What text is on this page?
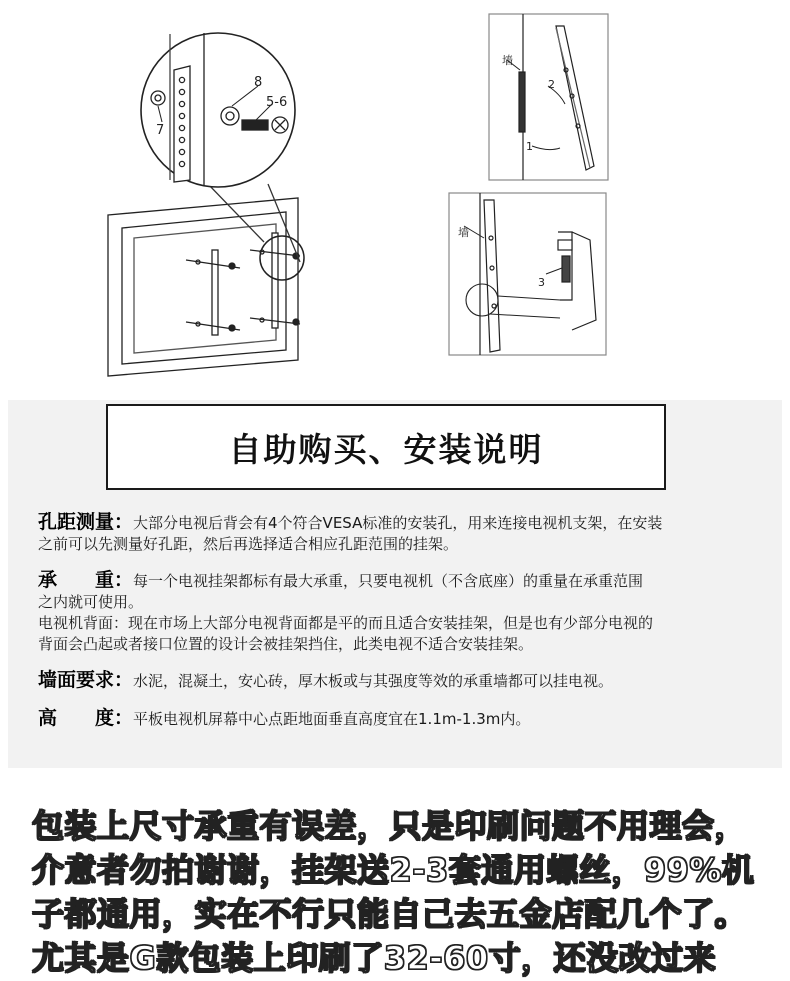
7
8
5-6
墙
2
1
墙
3
自助购买、安装说明
孔距测量：大部分电视后背会有4个符合VESA标准的安装孔，用来连接电视机支架，在安装
之前可以先测量好孔距，然后再选择适合相应孔距范围的挂架。
承　　重：每一个电视挂架都标有最大承重，只要电视机（不含底座）的重量在承重范围
之内就可使用。
电视机背面：现在市场上大部分电视背面都是平的而且适合安装挂架，但是也有少部分电视的
背面会凸起或者接口位置的设计会被挂架挡住，此类电视不适合安装挂架。
墙面要求：水泥，混凝土，安心砖，厚木板或与其强度等效的承重墙都可以挂电视。
高　　度：平板电视机屏幕中心点距地面垂直高度宜在1.1m-1.3m内。
包装上尺寸承重有误差，只是印刷问题不用理会，
介意者勿拍谢谢，挂架送2-3套通用螺丝，99%机
子都通用，实在不行只能自己去五金店配几个了。
尤其是G款包装上印刷了32-60寸，还没改过来
